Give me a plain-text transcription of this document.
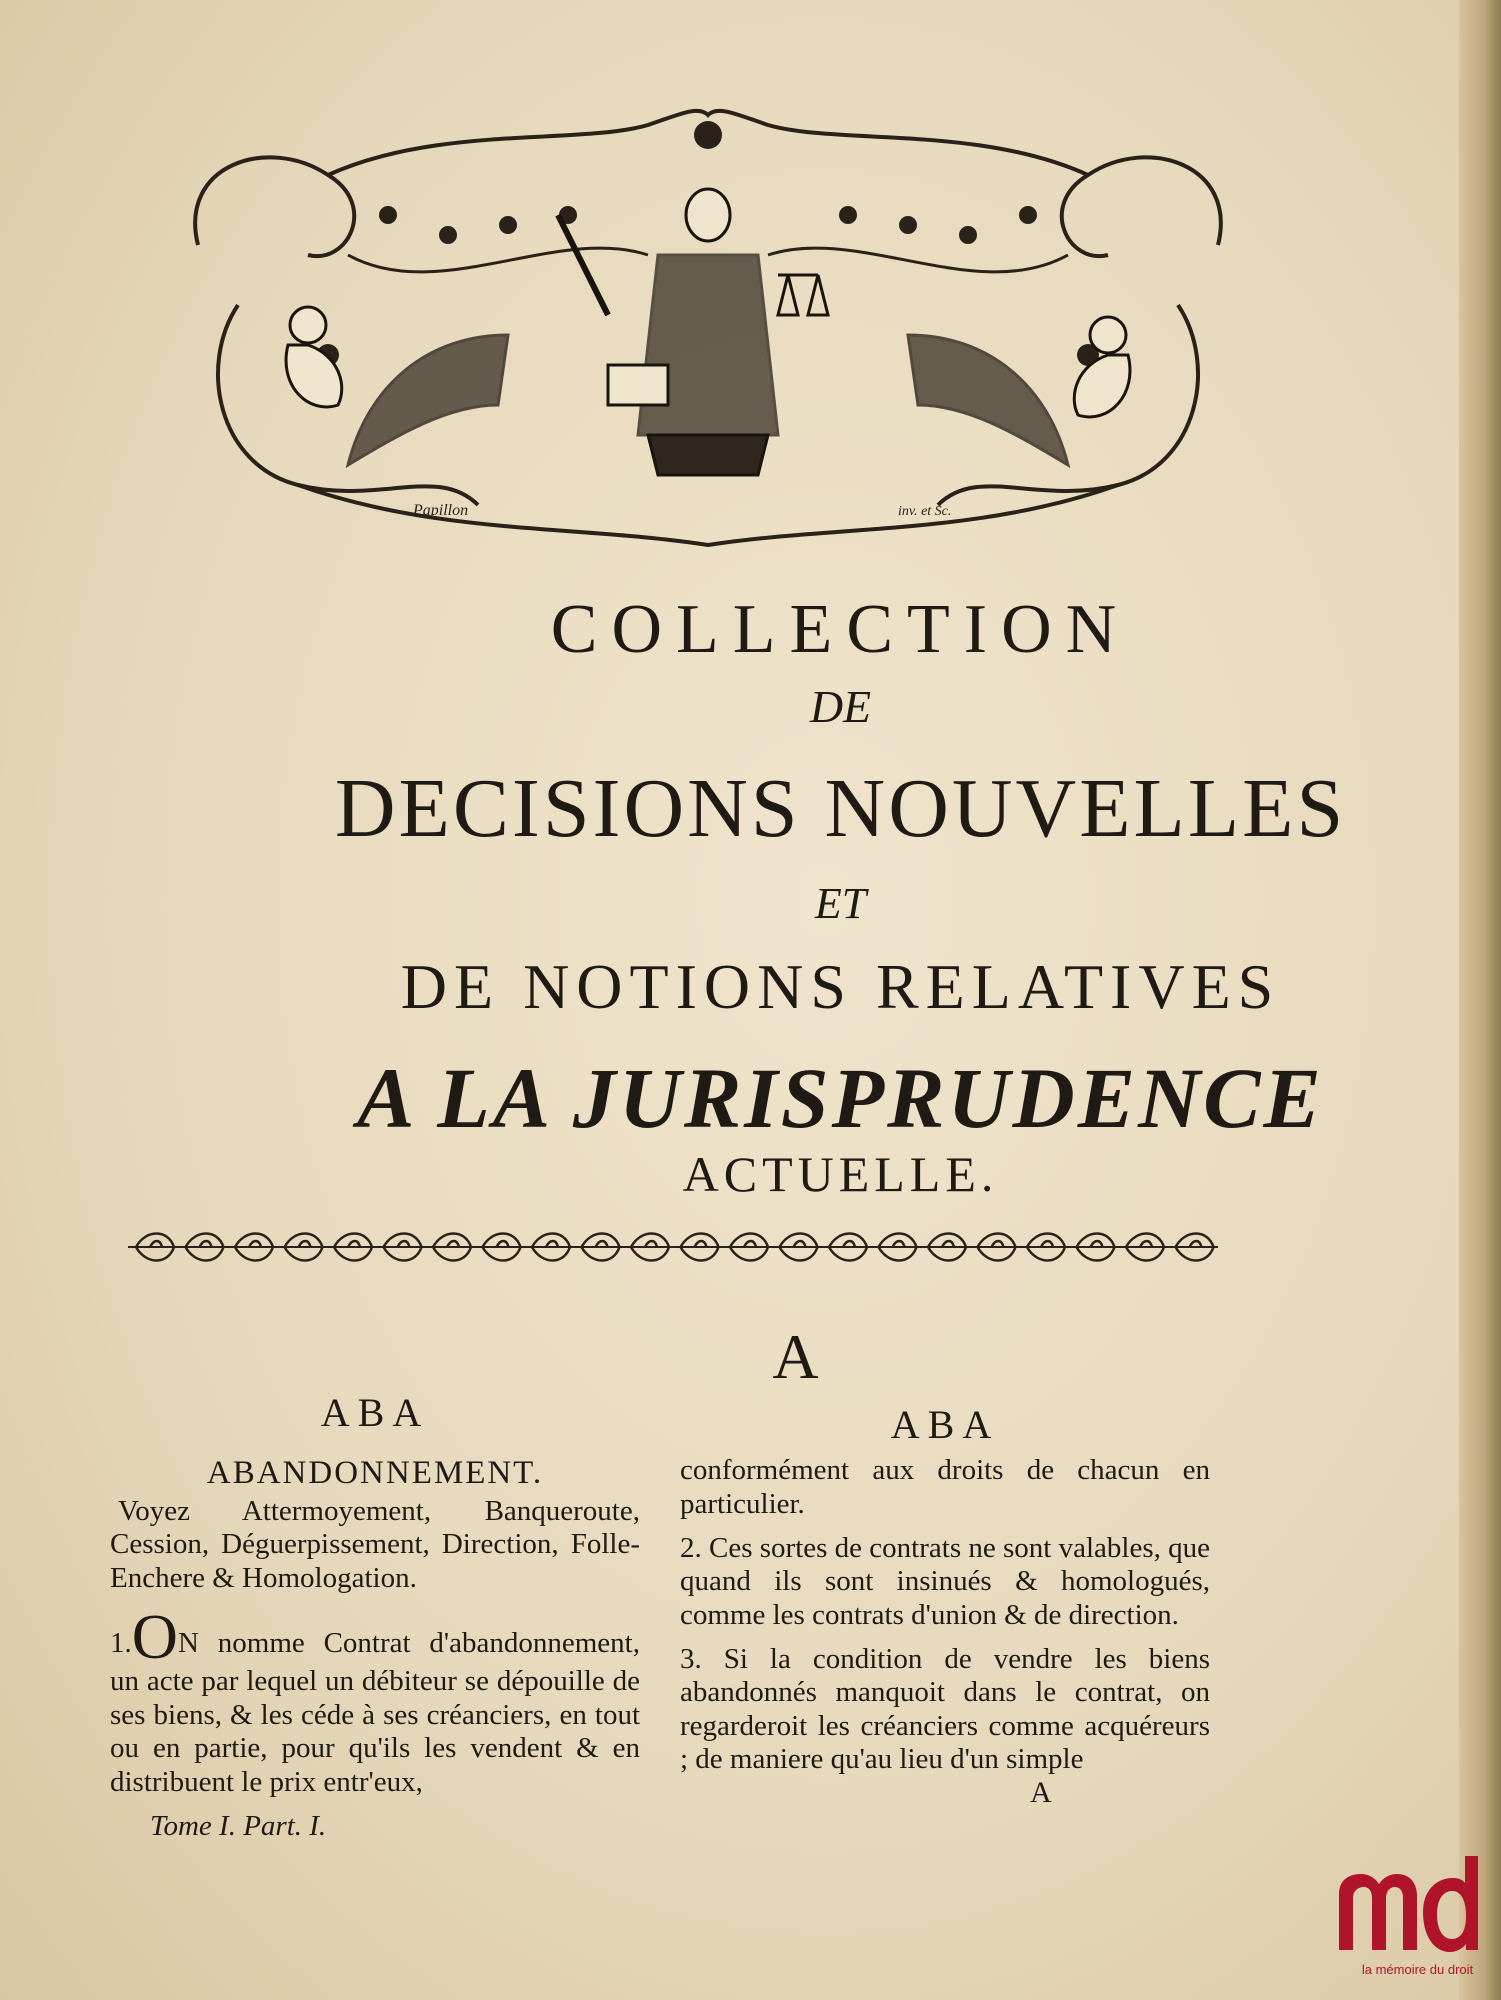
Papillon	inv. et Sc.
COLLECTION
DE
DECISIONS NOUVELLES
ET
DE NOTIONS RELATIVES
A LA JURISPRUDENCE
ACTUELLE.
A
ABA
ABANDONNEMENT.
Voyez Attermoyement, Banqueroute, Cession, Déguerpissement, Direction, Folle-Enchere & Homologation.
1.ON nomme Contrat d'abandonnement, un acte par lequel un débiteur se dépouille de ses biens, & les céde à ses créanciers, en tout ou en partie, pour qu'ils les vendent & en distribuent le prix entr'eux,
Tome I. Part. I.
ABA
conformément aux droits de chacun en particulier.
2. Ces sortes de contrats ne sont valables, que quand ils sont insinués & homologués, comme les contrats d'union & de direction.
3. Si la condition de vendre les biens abandonnés manquoit dans le contrat, on regarderoit les créanciers comme acquéreurs ; de maniere qu'au lieu d'un simple
A
mdd
la mémoire du droit
